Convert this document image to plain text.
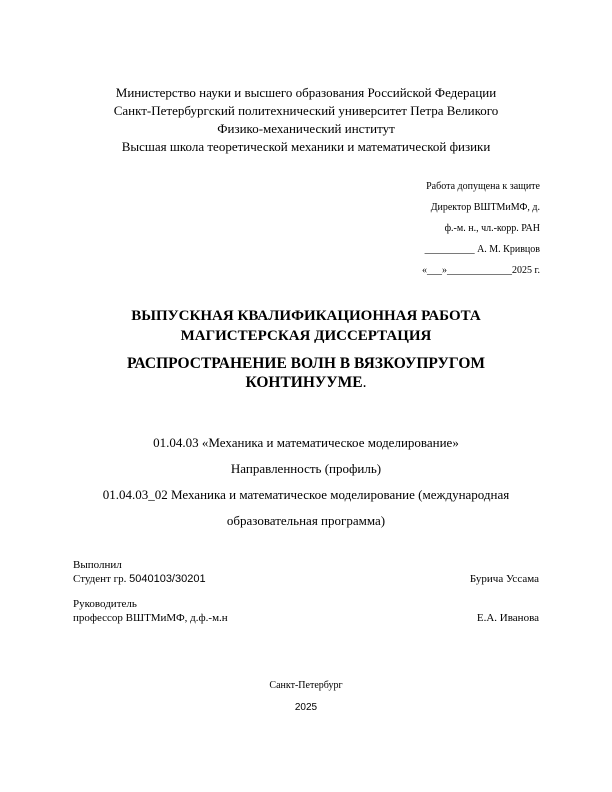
Министерство науки и высшего образования Российской Федерации
Санкт-Петербургский политехнический университет Петра Великого
Физико-механический институт
Высшая школа теоретической механики и математической физики
Работа допущена к защите
Директор ВШТМиМФ, д.
ф.-м. н., чл.-корр. РАН
__________ А. М. Кривцов
«___»_____________2025 г.
ВЫПУСКНАЯ КВАЛИФИКАЦИОННАЯ РАБОТА
МАГИСТЕРСКАЯ ДИССЕРТАЦИЯ
РАСПРОСТРАНЕНИЕ ВОЛН В ВЯЗКОУПРУГОМ
КОНТИНУУМЕ.
01.04.03 «Механика и математическое моделирование»
Направленность (профиль)
01.04.03_02 Механика и математическое моделирование (международная
образовательная программа)
Выполнил
Студент гр. 5040103/30201	Бурича Уссама
Руководитель
профессор ВШТМиМФ, д.ф.-м.н	Е.А. Иванова
Санкт-Петербург
2025
